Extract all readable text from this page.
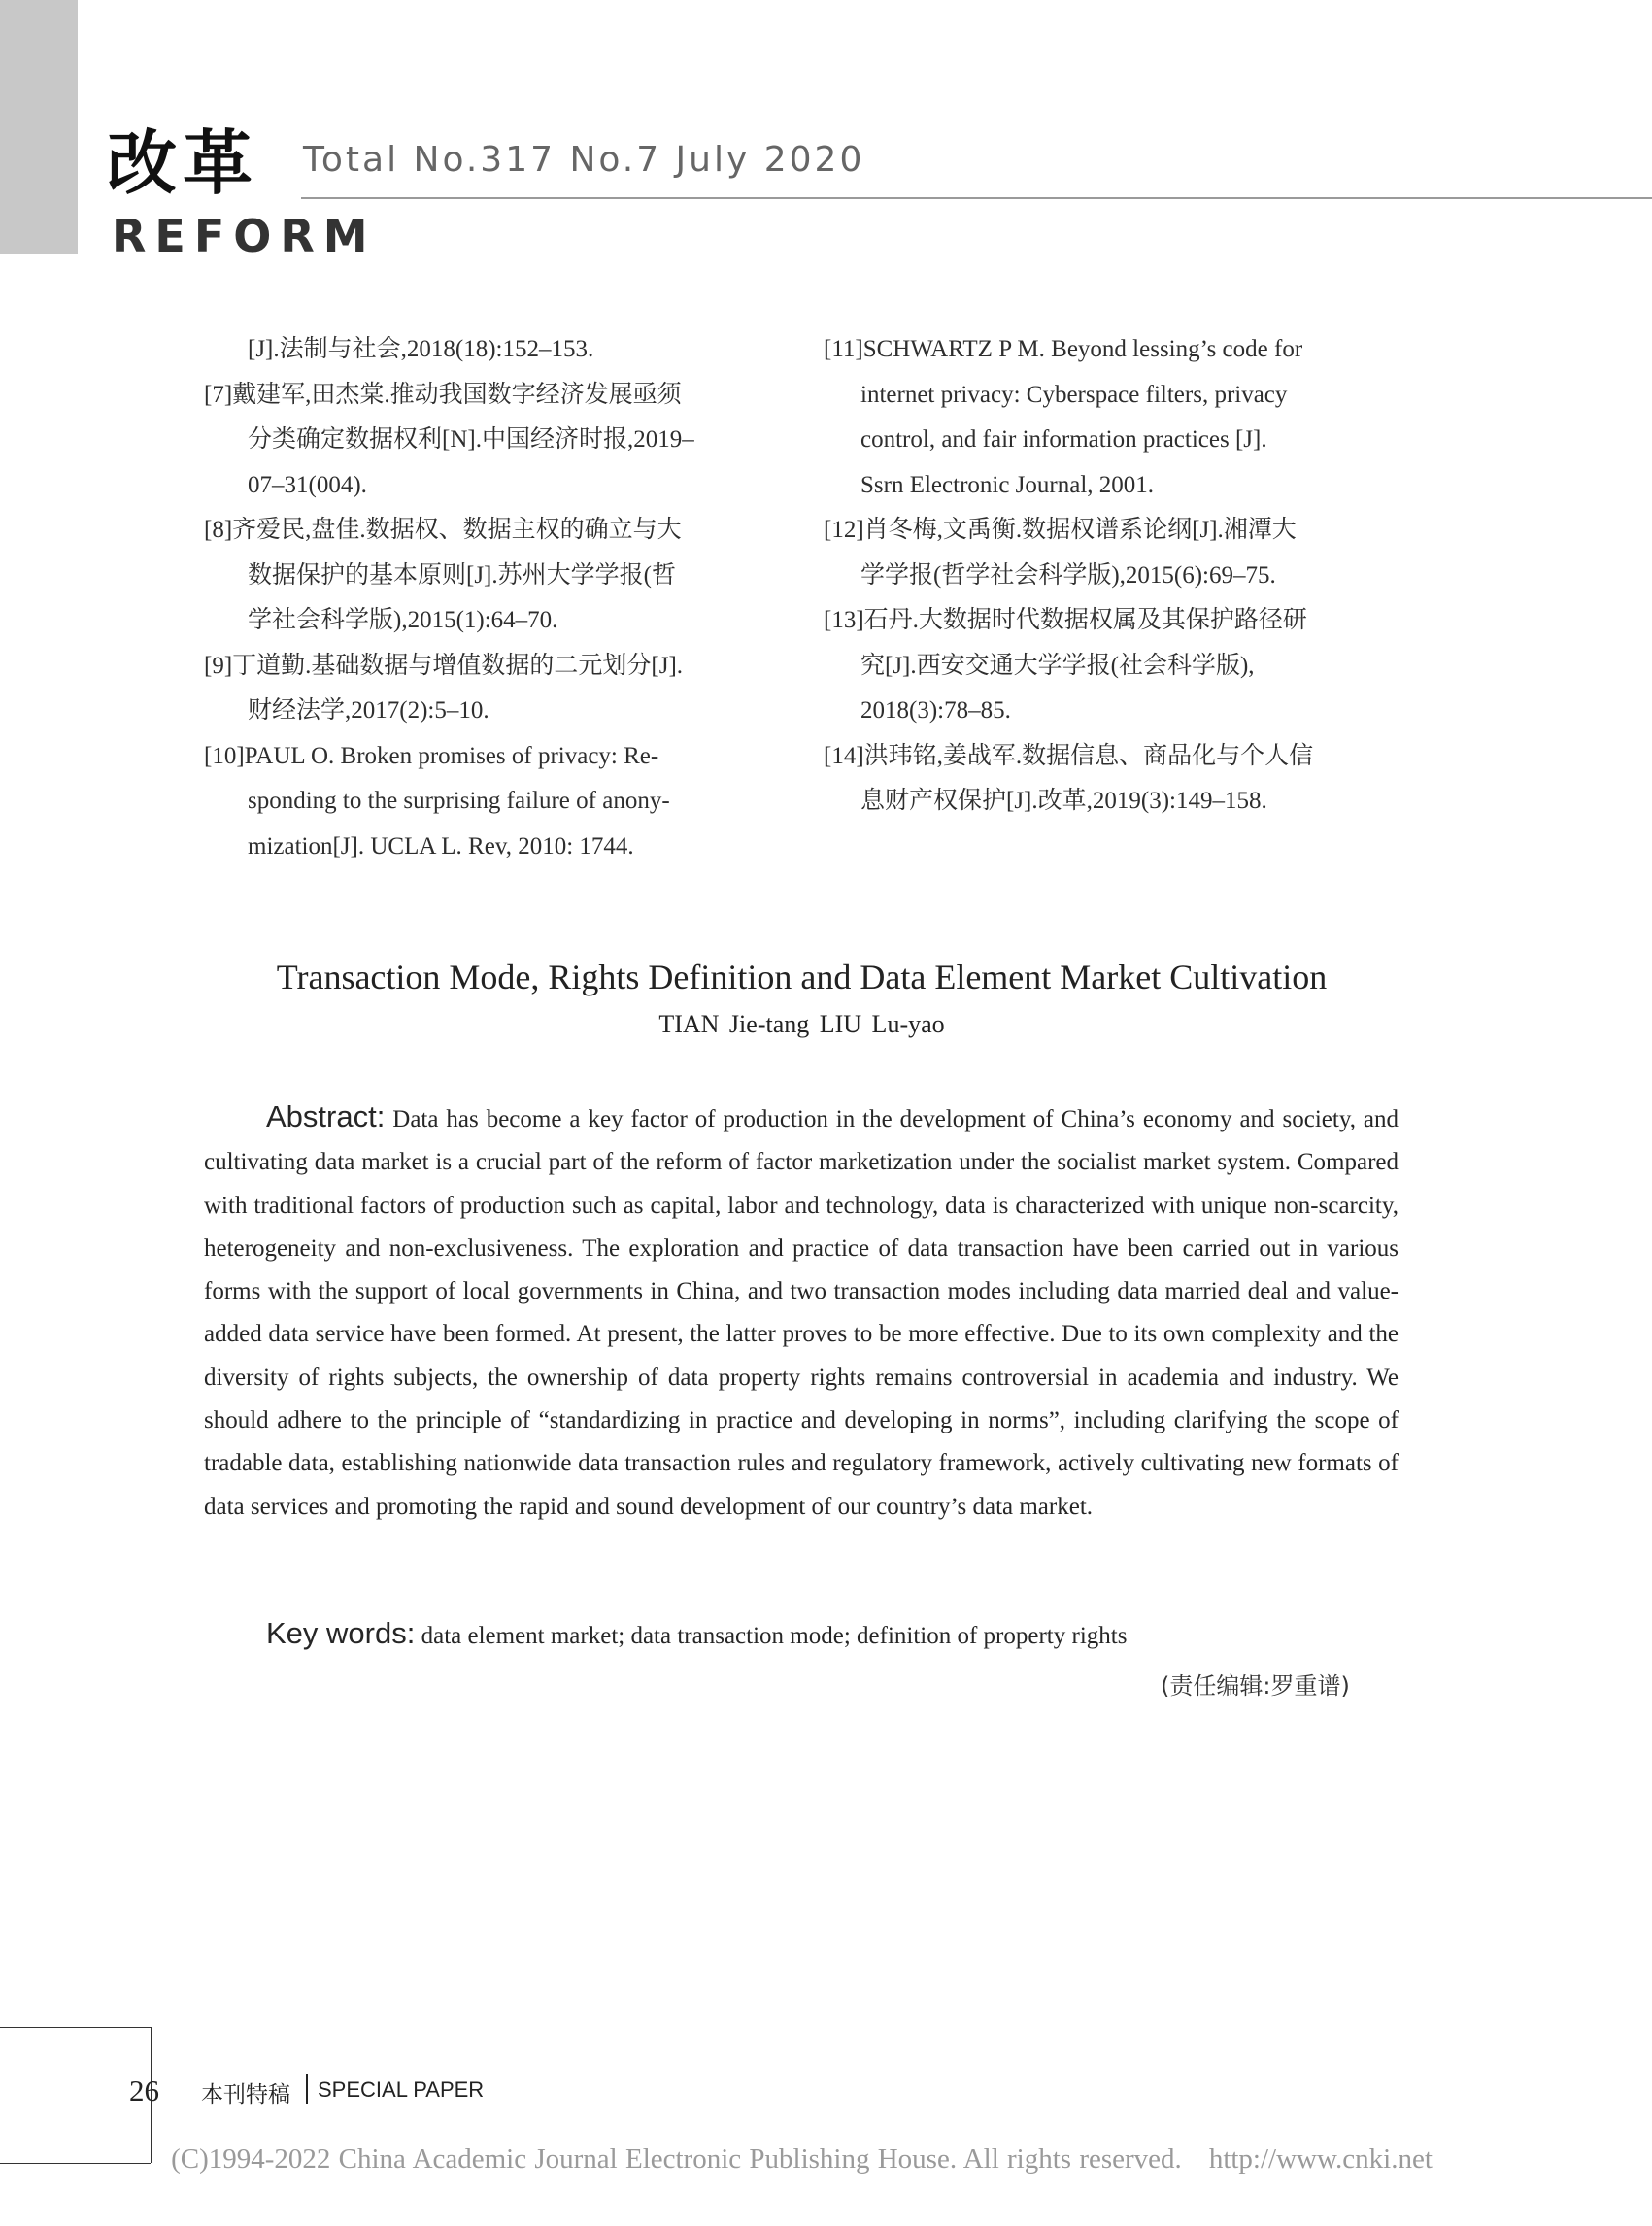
改革
REFORM
Total No.317 No.7 July 2020
[J].法制与社会,2018(18):152–153.
[7]戴建军,田杰棠.推动我国数字经济发展亟须
分类确定数据权利[N].中国经济时报,2019–
07–31(004).
[8]齐爱民,盘佳.数据权、数据主权的确立与大
数据保护的基本原则[J].苏州大学学报(哲
学社会科学版),2015(1):64–70.
[9]丁道勤.基础数据与增值数据的二元划分[J].
财经法学,2017(2):5–10.
[10]PAUL O. Broken promises of privacy: Re-
sponding to the surprising failure of anony-
mization[J]. UCLA L. Rev, 2010: 1744.
[11]SCHWARTZ P M. Beyond lessing’s code for
internet privacy: Cyberspace filters, privacy
control, and fair information practices [J].
Ssrn Electronic Journal, 2001.
[12]肖冬梅,文禹衡.数据权谱系论纲[J].湘潭大
学学报(哲学社会科学版),2015(6):69–75.
[13]石丹.大数据时代数据权属及其保护路径研
究[J].西安交通大学学报(社会科学版),
2018(3):78–85.
[14]洪玮铭,姜战军.数据信息、商品化与个人信
息财产权保护[J].改革,2019(3):149–158.
Transaction Mode, Rights Definition and Data Element Market Cultivation
TIAN Jie-tang LIU Lu-yao
Abstract: Data has become a key factor of production in the development of China’s economy and society, and cultivating data market is a crucial part of the reform of factor marketization under the socialist market system. Compared with traditional factors of production such as capital, labor and technology, data is characterized with unique non-scarcity, heterogeneity and non-exclusiveness. The exploration and practice of data transaction have been carried out in various forms with the support of local governments in China, and two transaction modes including data married deal and value-added data service have been formed. At present, the latter proves to be more effective. Due to its own complexity and the diversity of rights subjects, the ownership of data property rights remains controversial in academia and industry. We should adhere to the principle of “standardizing in practice and developing in norms”, including clarifying the scope of tradable data, establishing nationwide data transaction rules and regulatory framework, actively cultivating new formats of data services and promoting the rapid and sound development of our country’s data market.
Key words: data element market; data transaction mode; definition of property rights
(责任编辑:罗重谱)
26 本刊特稿 SPECIAL PAPER
(C)1994-2022 China Academic Journal Electronic Publishing House. All rights reserved. http://www.cnki.net
